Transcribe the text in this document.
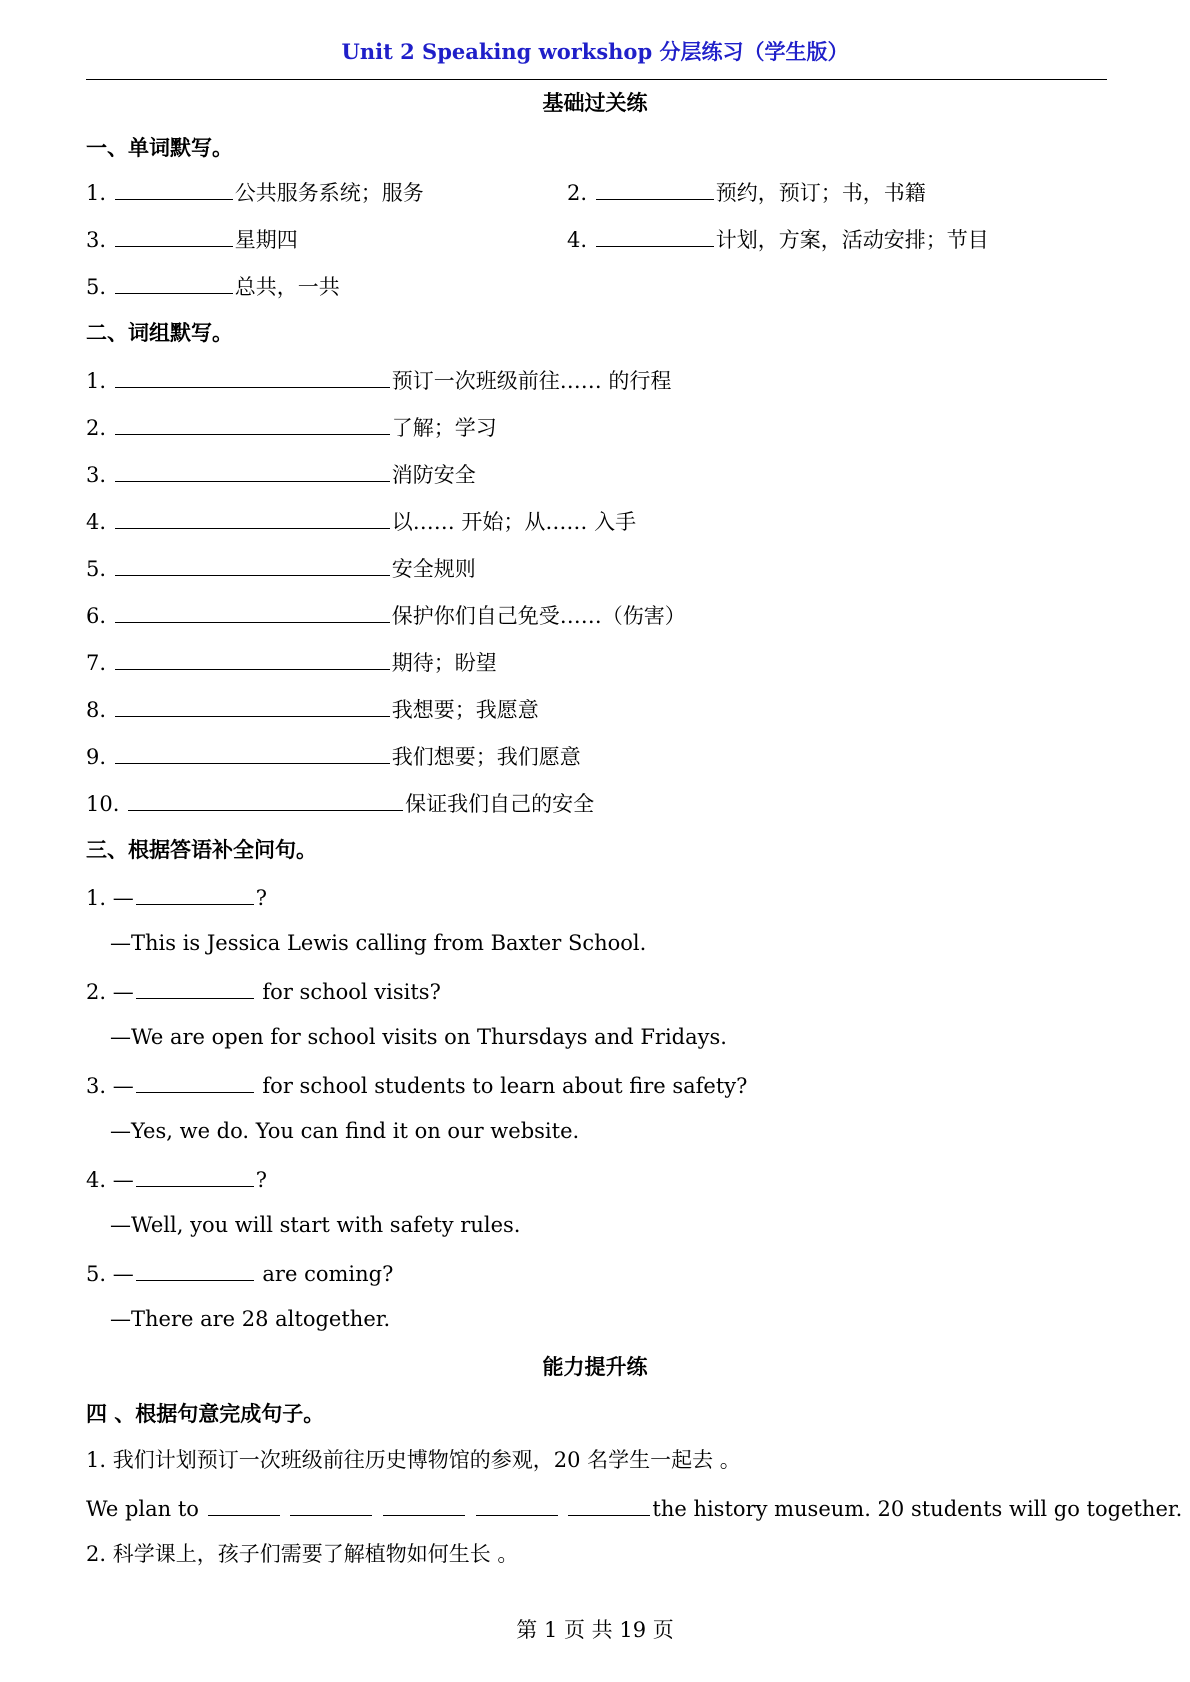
Unit 2 Speaking workshop 分层练习（学生版）
基础过关练
一、单词默写。
1.	公共服务系统；服务	2.	预约，预订；书，书籍
3.	星期四	4.	计划，方案，活动安排；节目
5.	总共，一共
二、词组默写。
1.	预订一次班级前往…… 的行程
2.	了解；学习
3.	消防安全
4.	以…… 开始；从…… 入手
5.	安全规则
6.	保护你们自己免受……（伤害）
7.	期待；盼望
8.	我想要；我愿意
9.	我们想要；我们愿意
10.	保证我们自己的安全
三、根据答语补全问句。
1. —	?
—This is Jessica Lewis calling from Baxter School.
2. —	for school visits?
—We are open for school visits on Thursdays and Fridays.
3. —	for school students to learn about fire safety?
—Yes, we do. You can find it on our website.
4. —	?
—Well, you will start with safety rules.
5. —	are coming?
—There are 28 altogether.
能力提升练
四 、根据句意完成句子。
1. 我们计划预订一次班级前往历史博物馆的参观，20 名学生一起去 。
We plan to	the history museum. 20 students will go together.
2. 科学课上，孩子们需要了解植物如何生长 。
第 1 页 共 19 页
